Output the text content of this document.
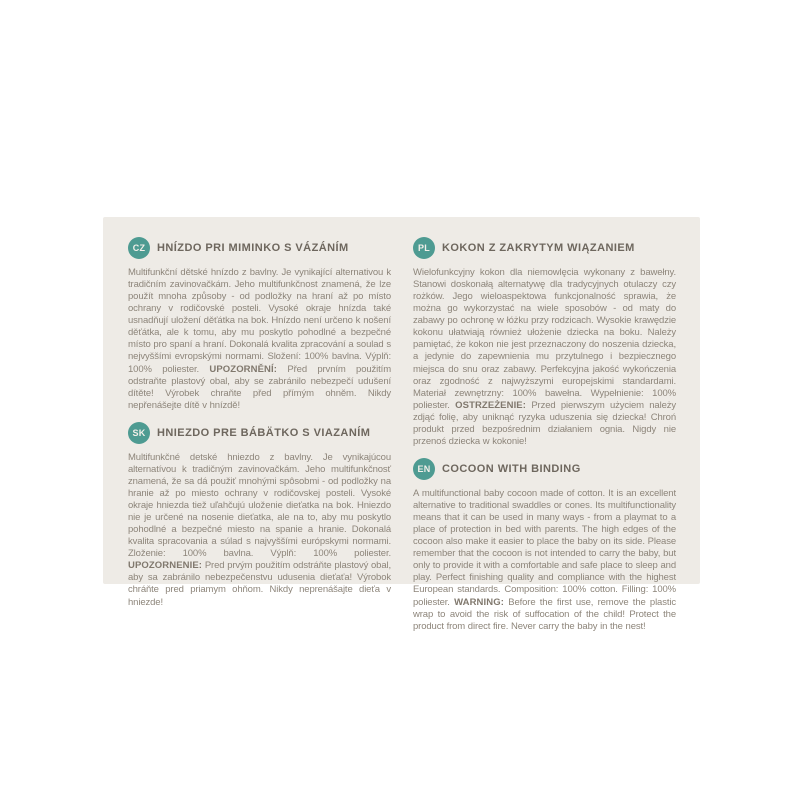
CZ	HNÍZDO PRI MIMINKO S VÁZÁNÍM

Multifunkční dětské hnízdo z bavlny. Je vynikající alternativou k tradičním zavinovačkám. Jeho multifunkčnost znamená, že lze použít mnoha způsoby - od podložky na hraní až po místo ochrany v rodičovské posteli. Vysoké okraje hnízda také usnadňují uložení děťátka na bok. Hnízdo není určeno k nošení děťátka, ale k tomu, aby mu poskytlo pohodlné a bezpečné místo pro spaní a hraní. Dokonalá kvalita zpracování a soulad s nejvyššími evropskými normami. Složení: 100% bavlna. Výplň: 100% poliester. UPOZORNĚNÍ: Před prvním použitím odstraňte plastový obal, aby se zabránilo nebezpečí udušení dítěte! Výrobek chraňte před přímým ohněm. Nikdy nepřenášejte dítě v hnízdě!

SK	HNIEZDO PRE BÁBÄTKO S VIAZANÍM

Multifunkčné detské hniezdo z bavlny. Je vynikajúcou alternatívou k tradičným zavinovačkám. Jeho multifunkčnosť znamená, že sa dá použiť mnohými spôsobmi - od podložky na hranie až po miesto ochrany v rodičovskej posteli. Vysoké okraje hniezda tiež uľahčujú uloženie dieťatka na bok. Hniezdo nie je určené na nosenie dieťatka, ale na to, aby mu poskytlo pohodlné a bezpečné miesto na spanie a hranie. Dokonalá kvalita spracovania a súlad s najvyššími európskymi normami. Zloženie: 100% bavlna. Výplň: 100% poliester. UPOZORNENIE: Pred prvým použitím odstráňte plastový obal, aby sa zabránilo nebezpečenstvu udusenia dieťaťa! Výrobok chráňte pred priamym ohňom. Nikdy neprenášajte dieťa v hniezde!

PL	KOKON Z ZAKRYTYM WIĄZANIEM

Wielofunkcyjny kokon dla niemowlęcia wykonany z bawełny. Stanowi doskonałą alternatywę dla tradycyjnych otulaczy czy rożków. Jego wieloaspektowa funkcjonalność sprawia, że można go wykorzystać na wiele sposobów - od maty do zabawy po ochronę w łóżku przy rodzicach. Wysokie krawędzie kokonu ułatwiają również ułożenie dziecka na boku. Należy pamiętać, że kokon nie jest przeznaczony do noszenia dziecka, a jedynie do zapewnienia mu przytulnego i bezpiecznego miejsca do snu oraz zabawy. Perfekcyjna jakość wykończenia oraz zgodność z najwyższymi europejskimi standardami. Materiał zewnętrzny: 100% bawełna. Wypełnienie: 100% poliester. OSTRZEŻENIE: Przed pierwszym użyciem należy zdjąć folię, aby uniknąć ryzyka uduszenia się dziecka! Chroń produkt przed bezpośrednim działaniem ognia. Nigdy nie przenoś dziecka w kokonie!

EN	COCOON WITH BINDING

A multifunctional baby cocoon made of cotton. It is an excellent alternative to traditional swaddles or cones. Its multifunctionality means that it can be used in many ways - from a playmat to a place of protection in bed with parents. The high edges of the cocoon also make it easier to place the baby on its side. Please remember that the cocoon is not intended to carry the baby, but only to provide it with a comfortable and safe place to sleep and play. Perfect finishing quality and compliance with the highest European standards. Composition: 100% cotton. Filling: 100% poliester. WARNING: Before the first use, remove the plastic wrap to avoid the risk of suffocation of the child! Protect the product from direct fire. Never carry the baby in the nest!
